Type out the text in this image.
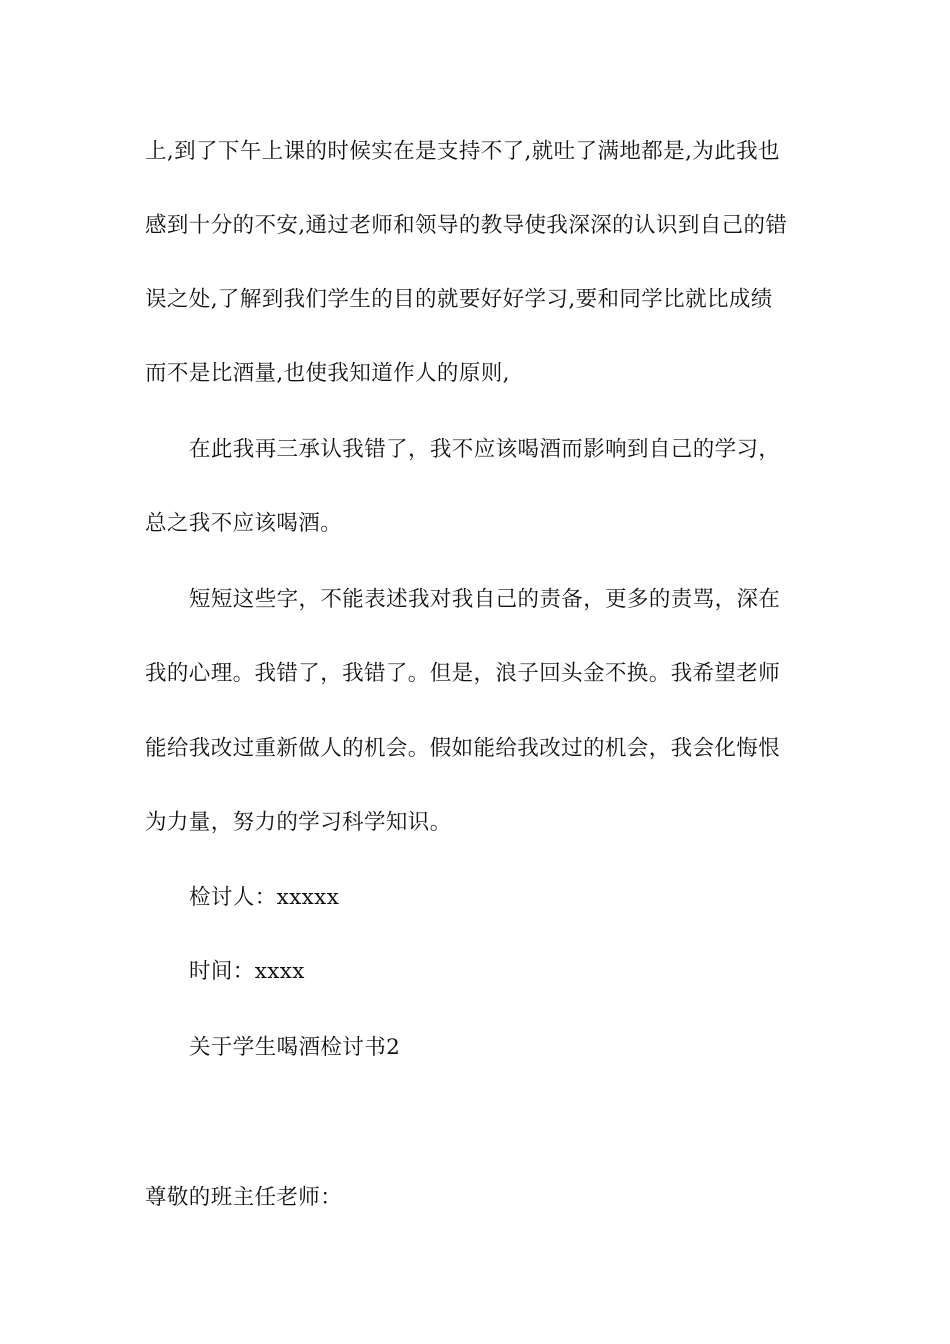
上,到了下午上课的时候实在是支持不了,就吐了满地都是,为此我也
感到十分的不安,通过老师和领导的教导使我深深的认识到自己的错
误之处,了解到我们学生的目的就要好好学习,要和同学比就比成绩
而不是比酒量,也使我知道作人的原则,
在此我再三承认我错了，我不应该喝酒而影响到自己的学习，
总之我不应该喝酒。
短短这些字，不能表述我对我自己的责备，更多的责骂，深在
我的心理。我错了，我错了。但是，浪子回头金不换。我希望老师
能给我改过重新做人的机会。假如能给我改过的机会，我会化悔恨
为力量，努力的学习科学知识。
检讨人：xxxxx
时间：xxxx
关于学生喝酒检讨书2
尊敬的班主任老师：
